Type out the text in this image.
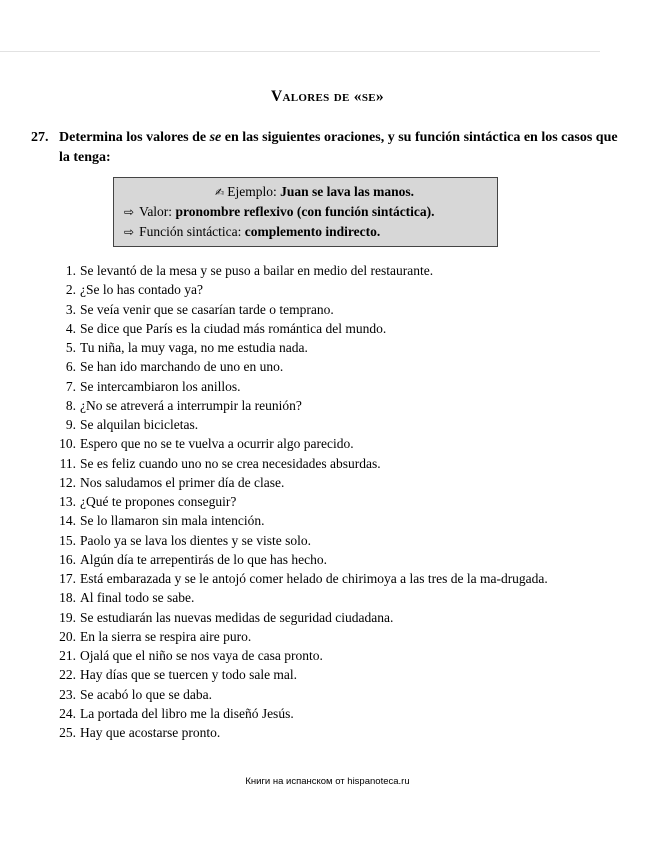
Valores de «se»
27. Determina los valores de se en las siguientes oraciones, y su función sintáctica en los casos que la tenga:
✍ Ejemplo: Juan se lava las manos.
⇨ Valor: pronombre reflexivo (con función sintáctica).
⇨ Función sintáctica: complemento indirecto.
1. Se levantó de la mesa y se puso a bailar en medio del restaurante.
2. ¿Se lo has contado ya?
3. Se veía venir que se casarían tarde o temprano.
4. Se dice que París es la ciudad más romántica del mundo.
5. Tu niña, la muy vaga, no me estudia nada.
6. Se han ido marchando de uno en uno.
7. Se intercambiaron los anillos.
8. ¿No se atreverá a interrumpir la reunión?
9. Se alquilan bicicletas.
10. Espero que no se te vuelva a ocurrir algo parecido.
11. Se es feliz cuando uno no se crea necesidades absurdas.
12. Nos saludamos el primer día de clase.
13. ¿Qué te propones conseguir?
14. Se lo llamaron sin mala intención.
15. Paolo ya se lava los dientes y se viste solo.
16. Algún día te arrepentirás de lo que has hecho.
17. Está embarazada y se le antojó comer helado de chirimoya a las tres de la ma-drugada.
18. Al final todo se sabe.
19. Se estudiarán las nuevas medidas de seguridad ciudadana.
20. En la sierra se respira aire puro.
21. Ojalá que el niño se nos vaya de casa pronto.
22. Hay días que se tuercen y todo sale mal.
23. Se acabó lo que se daba.
24. La portada del libro me la diseñó Jesús.
25. Hay que acostarse pronto.
Книги на испанском от hispanoteca.ru
